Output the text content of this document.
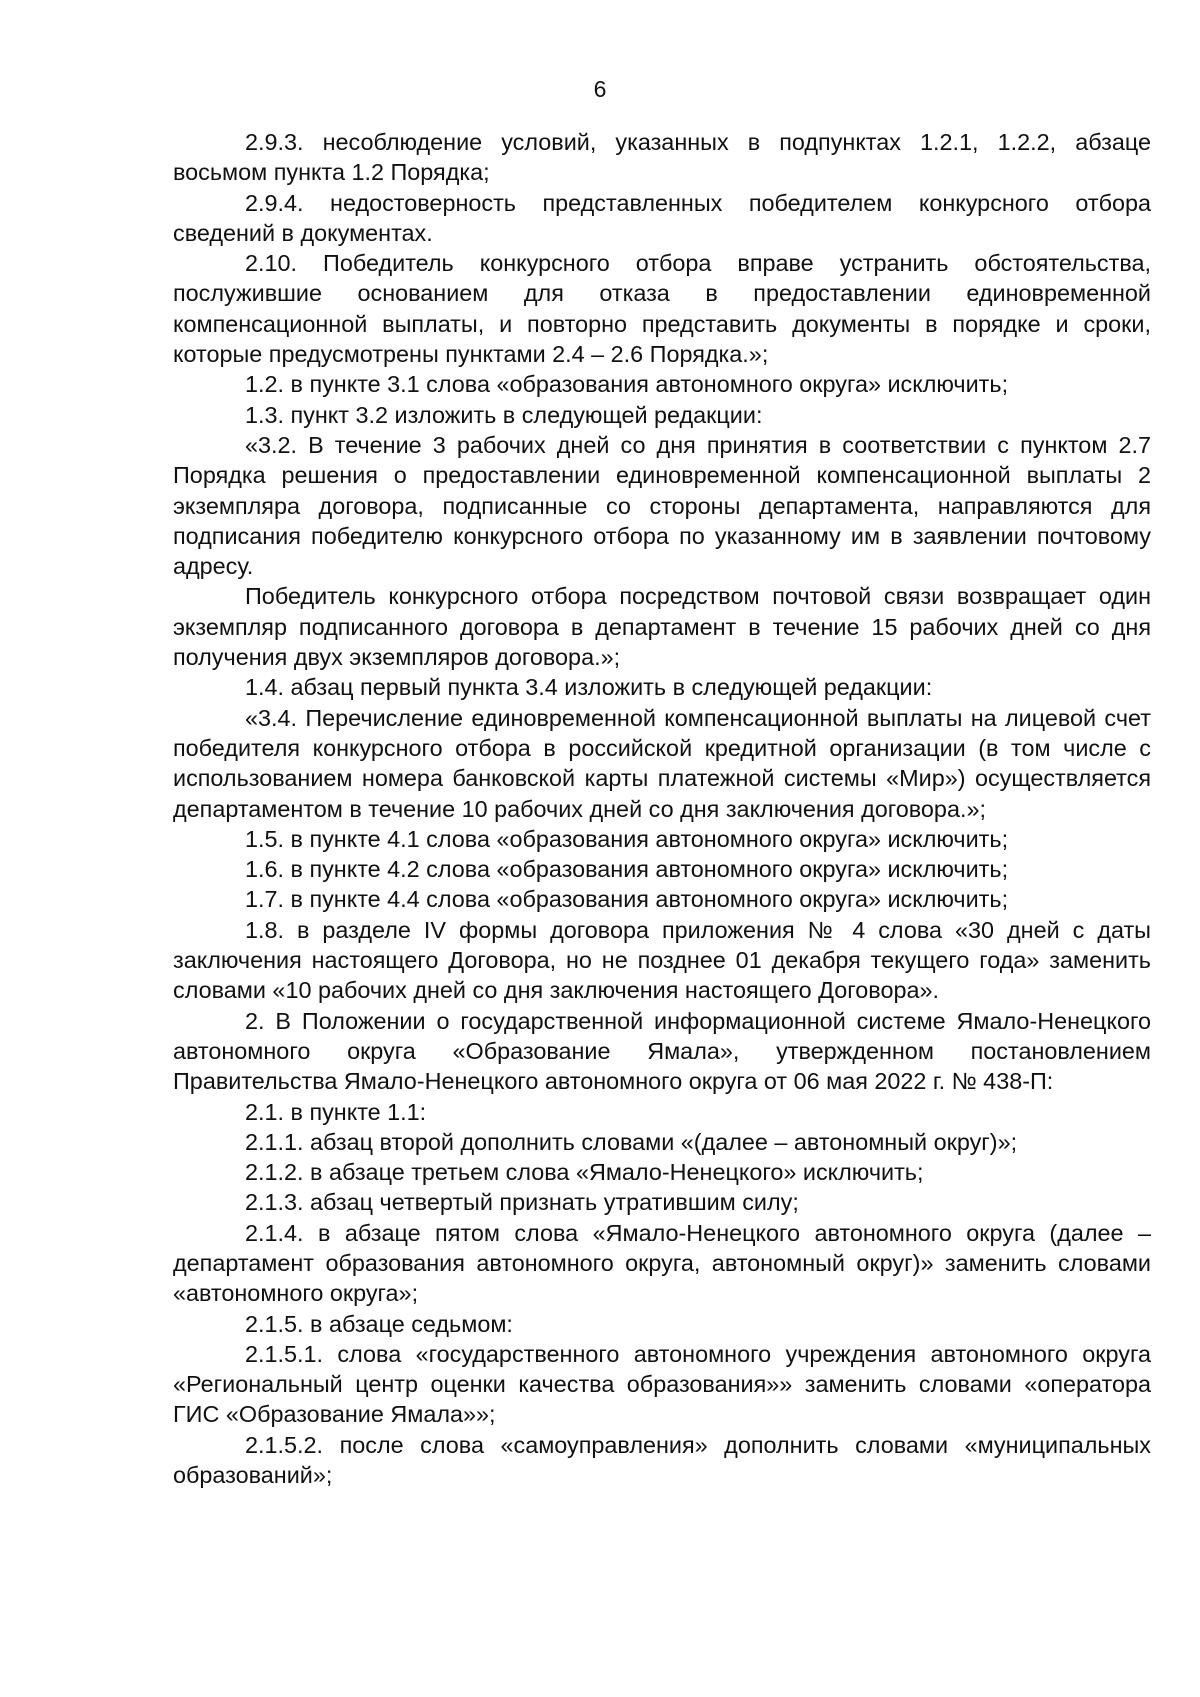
6

2.9.3. несоблюдение условий, указанных в подпунктах 1.2.1, 1.2.2, абзаце восьмом пункта 1.2 Порядка;

2.9.4. недостоверность представленных победителем конкурсного отбора сведений в документах.

2.10. Победитель конкурсного отбора вправе устранить обстоятельства, послужившие основанием для отказа в предоставлении единовременной компенсационной выплаты, и повторно представить документы в порядке и сроки, которые предусмотрены пунктами 2.4 – 2.6 Порядка.»;

1.2. в пункте 3.1 слова «образования автономного округа» исключить;

1.3. пункт 3.2 изложить в следующей редакции:

«3.2. В течение 3 рабочих дней со дня принятия в соответствии с пунктом 2.7 Порядка решения о предоставлении единовременной компенсационной выплаты 2 экземпляра договора, подписанные со стороны департамента, направляются для подписания победителю конкурсного отбора по указанному им в заявлении почтовому адресу.

Победитель конкурсного отбора посредством почтовой связи возвращает один экземпляр подписанного договора в департамент в течение 15 рабочих дней со дня получения двух экземпляров договора.»;

1.4. абзац первый пункта 3.4 изложить в следующей редакции:

«3.4. Перечисление единовременной компенсационной выплаты на лицевой счет победителя конкурсного отбора в российской кредитной организации (в том числе с использованием номера банковской карты платежной системы «Мир») осуществляется департаментом в течение 10 рабочих дней со дня заключения договора.»;

1.5. в пункте 4.1 слова «образования автономного округа» исключить;

1.6. в пункте 4.2 слова «образования автономного округа» исключить;

1.7. в пункте 4.4 слова «образования автономного округа» исключить;

1.8. в разделе IV формы договора приложения № 4 слова «30 дней с даты заключения настоящего Договора, но не позднее 01 декабря текущего года» заменить словами «10 рабочих дней со дня заключения настоящего Договора».

2. В Положении о государственной информационной системе Ямало-Ненецкого автономного округа «Образование Ямала», утвержденном постановлением Правительства Ямало-Ненецкого автономного округа от 06 мая 2022 г. № 438-П:

2.1. в пункте 1.1:

2.1.1. абзац второй дополнить словами «(далее – автономный округ)»;

2.1.2. в абзаце третьем слова «Ямало-Ненецкого» исключить;

2.1.3. абзац четвертый признать утратившим силу;

2.1.4. в абзаце пятом слова «Ямало-Ненецкого автономного округа (далее – департамент образования автономного округа, автономный округ)» заменить словами «автономного округа»;

2.1.5. в абзаце седьмом:

2.1.5.1. слова «государственного автономного учреждения автономного округа «Региональный центр оценки качества образования»» заменить словами «оператора ГИС «Образование Ямала»»;

2.1.5.2. после слова «самоуправления» дополнить словами «муниципальных образований»;
